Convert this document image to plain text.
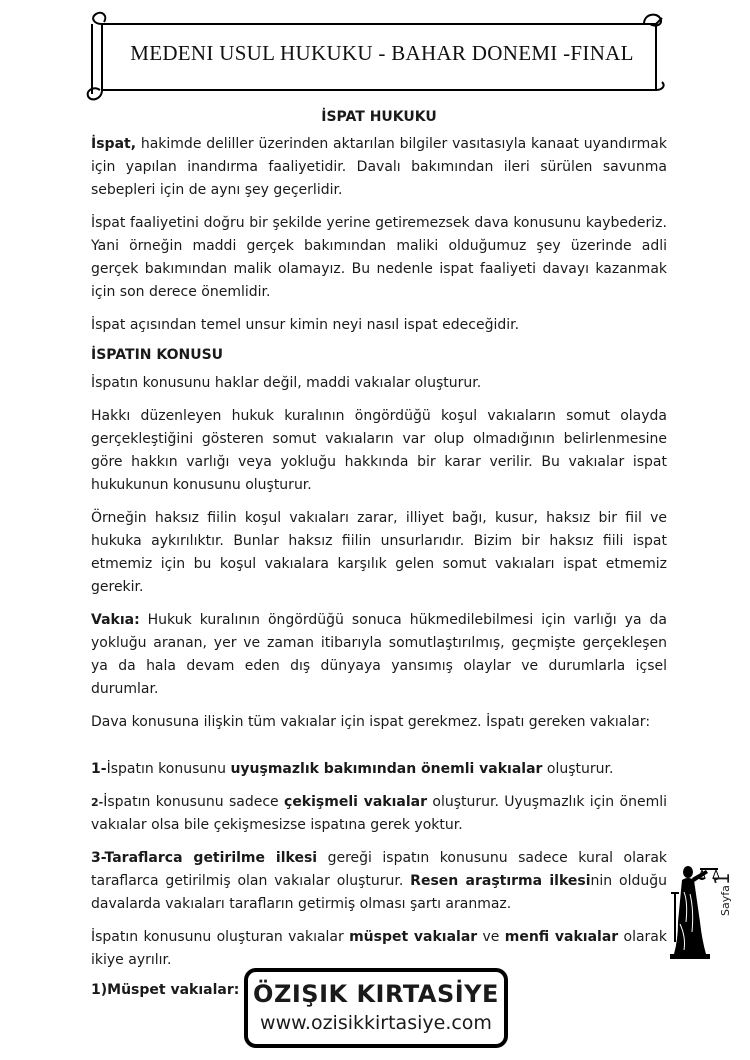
MEDENI USUL HUKUKU - BAHAR DONEMI -FINAL
İSPAT HUKUKU

İspat, hakimde deliller üzerinden aktarılan bilgiler vasıtasıyla kanaat uyandırmak için yapılan inandırma faaliyetidir. Davalı bakımından ileri sürülen savunma sebepleri için de aynı şey geçerlidir.

İspat faaliyetini doğru bir şekilde yerine getiremezsek dava konusunu kaybederiz. Yani örneğin maddi gerçek bakımından maliki olduğumuz şey üzerinde adli gerçek bakımından malik olamayız. Bu nedenle ispat faaliyeti davayı kazanmak için son derece önemlidir.

İspat açısından temel unsur kimin neyi nasıl ispat edeceğidir.

İSPATIN KONUSU

İspatın konusunu haklar değil, maddi vakıalar oluşturur.

Hakkı düzenleyen hukuk kuralının öngördüğü koşul vakıaların somut olayda gerçekleştiğini gösteren somut vakıaların var olup olmadığının belirlenmesine göre hakkın varlığı veya yokluğu hakkında bir karar verilir. Bu vakıalar ispat hukukunun konusunu oluşturur.

Örneğin haksız fiilin koşul vakıaları zarar, illiyet bağı, kusur, haksız bir fiil ve hukuka aykırılıktır. Bunlar haksız fiilin unsurlarıdır. Bizim bir haksız fiili ispat etmemiz için bu koşul vakıalara karşılık gelen somut vakıaları ispat etmemiz gerekir.

Vakıa: Hukuk kuralının öngördüğü sonuca hükmedilebilmesi için varlığı ya da yokluğu aranan, yer ve zaman itibarıyla somutlaştırılmış, geçmişte gerçekleşen ya da hala devam eden dış dünyaya yansımış olaylar ve durumlarla içsel durumlar.

Dava konusuna ilişkin tüm vakıalar için ispat gerekmez. İspatı gereken vakıalar:

1-İspatın konusunu uyuşmazlık bakımından önemli vakıalar oluşturur.

2-İspatın konusunu sadece çekişmeli vakıalar oluşturur. Uyuşmazlık için önemli vakıalar olsa bile çekişmesizse ispatına gerek yoktur.

3-Taraflarca getirilme ilkesi gereği ispatın konusunu sadece kural olarak taraflarca getirilmiş olan vakıalar oluşturur. Resen araştırma ilkesinin olduğu davalarda vakıaları tarafların getirmiş olması şartı aranmaz.

İspatın konusunu oluşturan vakıalar müspet vakıalar ve menfi vakıalar olarak ikiye ayrılır.

1)Müspet vakıalar:
Sayfa1
ÖZIŞIK KIRTASİYE
www.ozisikkirtasiye.com
